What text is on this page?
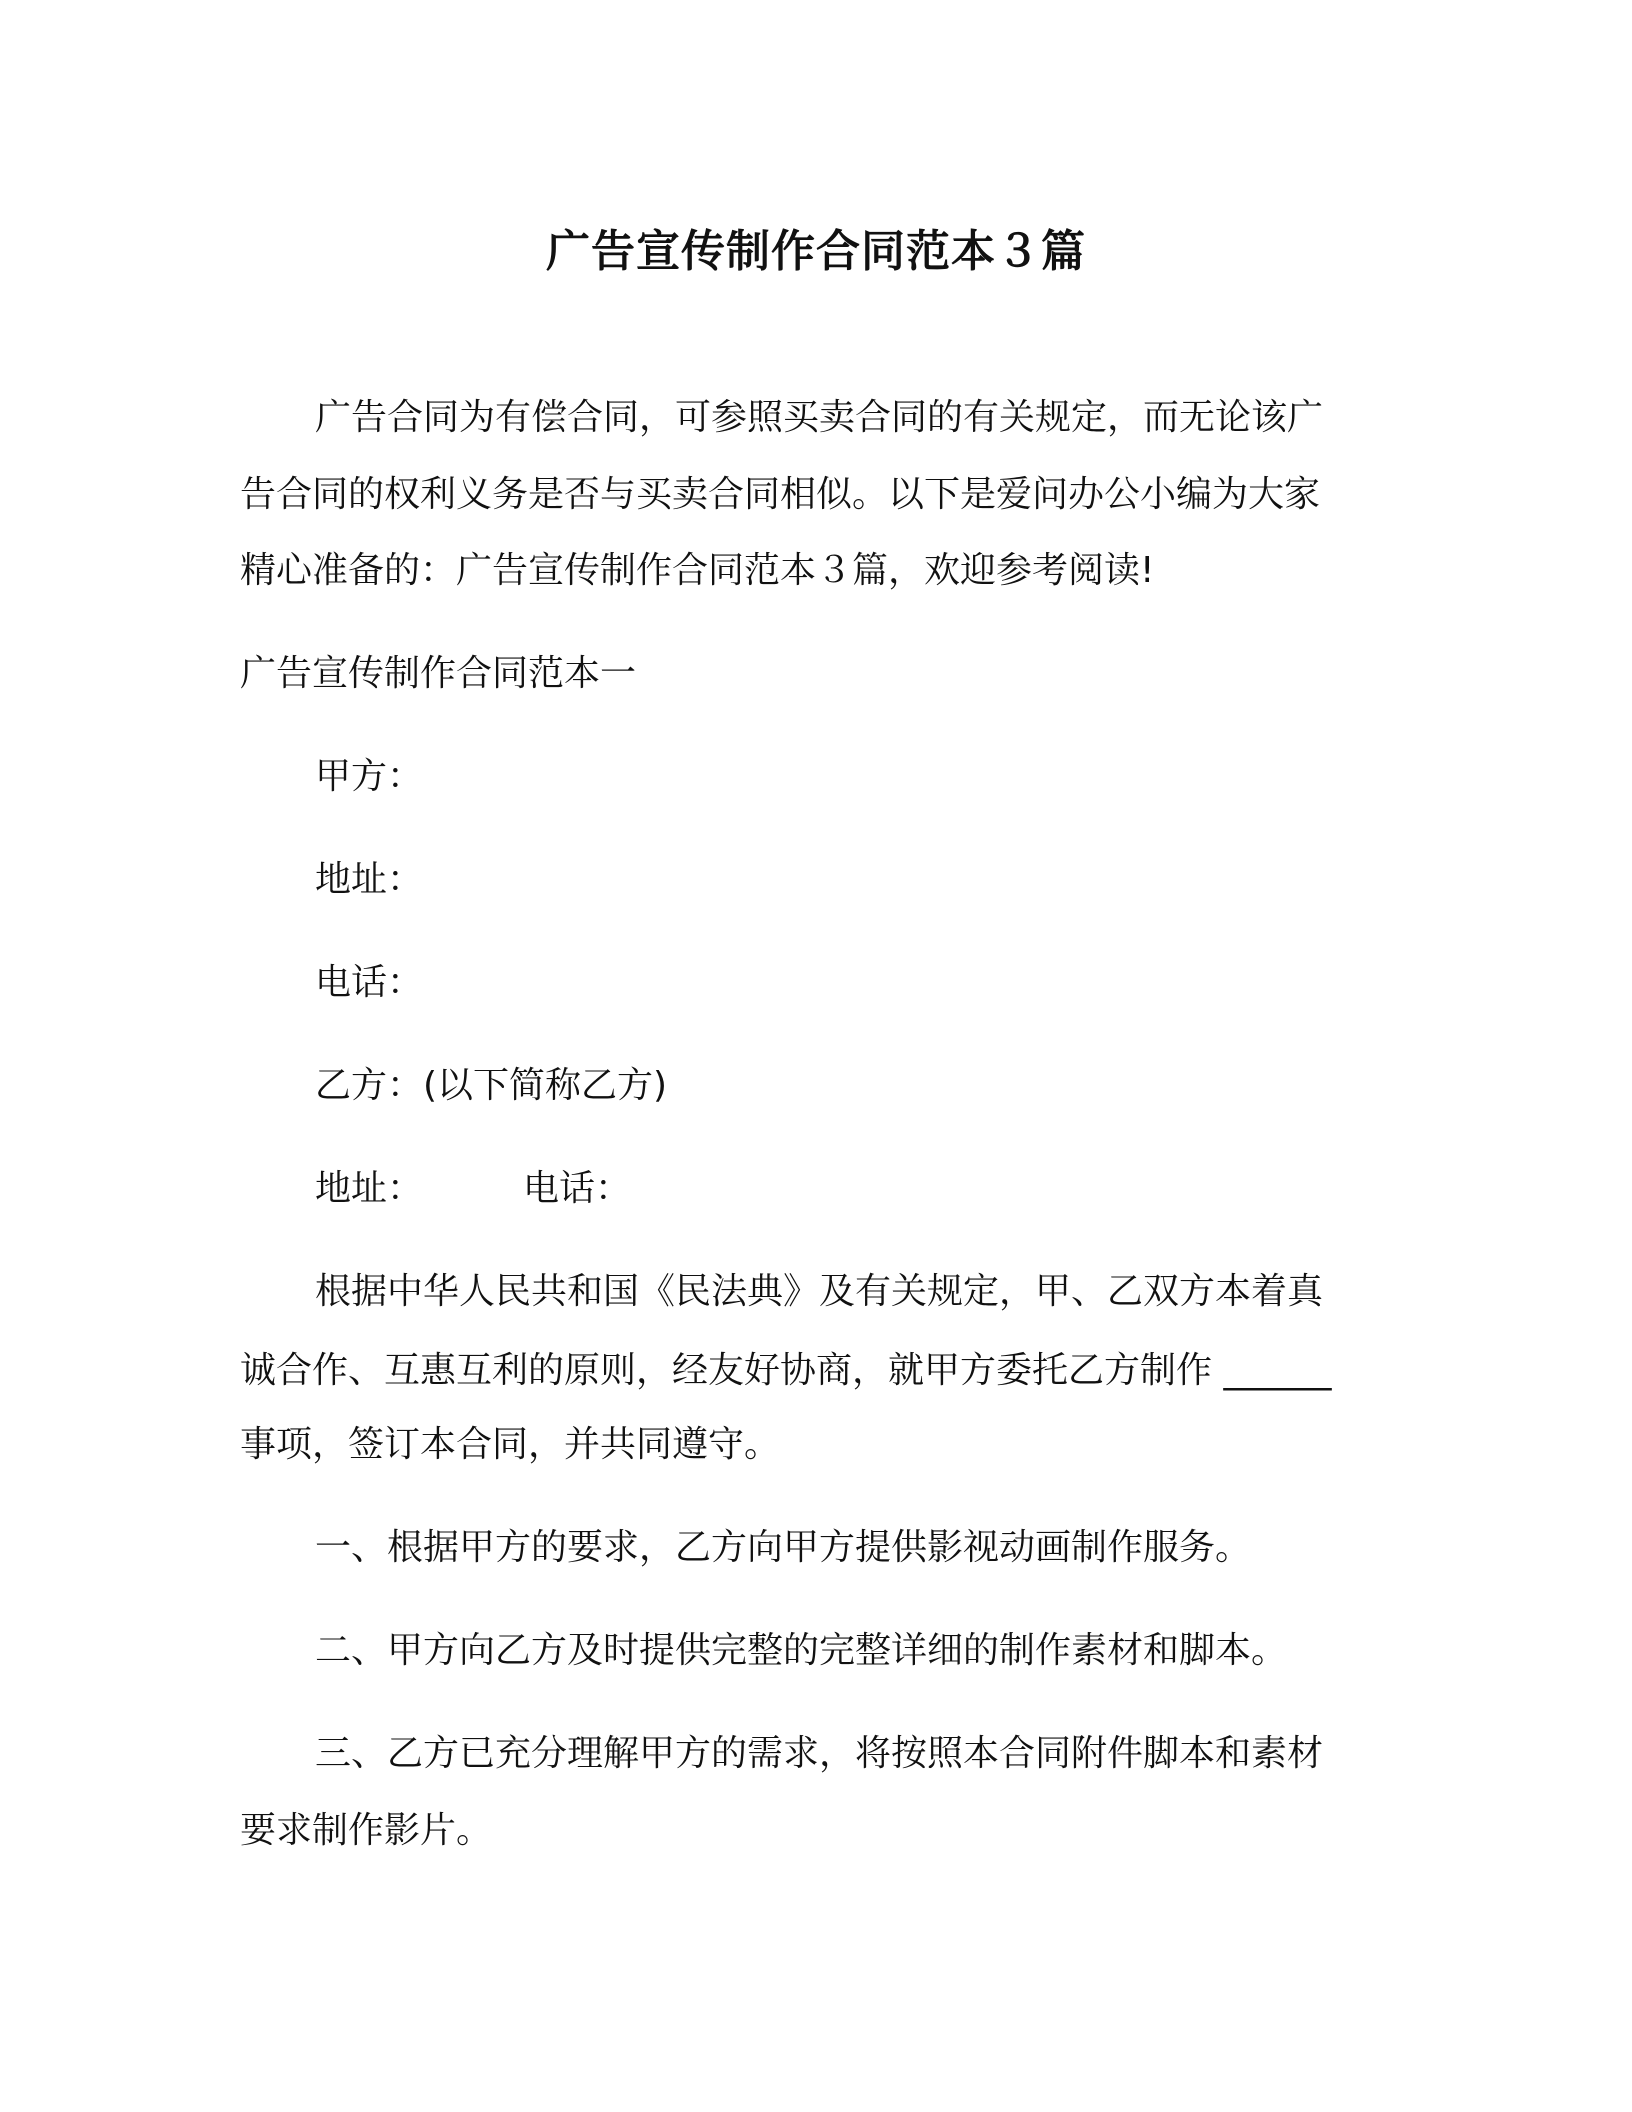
广告宣传制作合同范本３篇
广告合同为有偿合同，可参照买卖合同的有关规定，而无论该广
告合同的权利义务是否与买卖合同相似。以下是爱问办公小编为大家
精心准备的：广告宣传制作合同范本３篇，欢迎参考阅读!
广告宣传制作合同范本一
甲方：
地址：
电话：
乙方：(以下简称乙方)
地址：	电话：
根据中华人民共和国《民法典》及有关规定，甲、乙双方本着真
诚合作、互惠互利的原则，经友好协商，就甲方委托乙方制作 ______
事项，签订本合同，并共同遵守。
一、根据甲方的要求，乙方向甲方提供影视动画制作服务。
二、甲方向乙方及时提供完整的完整详细的制作素材和脚本。
三、乙方已充分理解甲方的需求，将按照本合同附件脚本和素材
要求制作影片。
